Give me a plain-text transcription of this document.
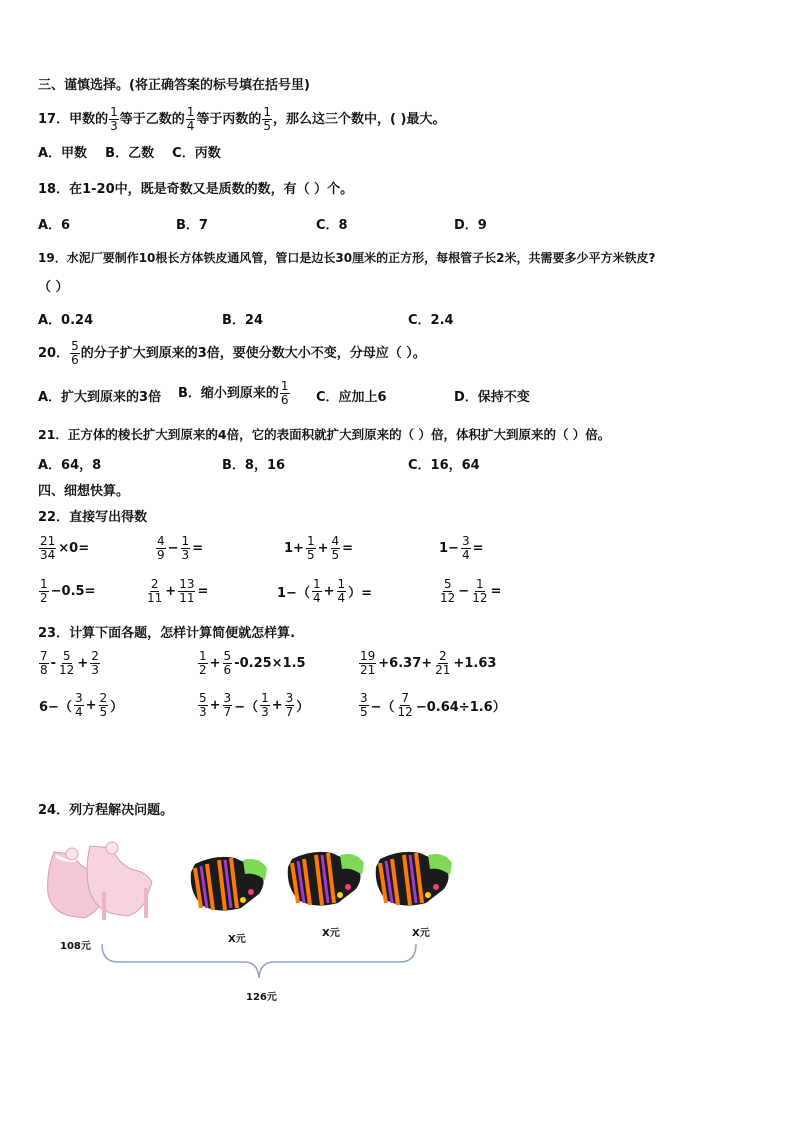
三、谨慎选择。(将正确答案的标号填在括号里)
17．甲数的 $\frac{1}{3}$ 等于乙数的 $\frac{1}{4}$ 等于丙数的 $\frac{1}{5}$ ，那么这三个数中，( )最大。
A．甲数    B．乙数    C．丙数
18．在1-20中，既是奇数又是质数的数，有（ ）个。
A．6	B．7	C．8	D．9
19．水泥厂要制作10根长方体铁皮通风管，管口是边长30厘米的正方形，每根管子长2米，共需要多少平方米铁皮?
（ ）
A．0.24	B．24	C．2.4
20． $\frac{5}{6}$ 的分子扩大到原来的3倍，要使分数大小不变，分母应（ ）。
A．扩大到原来的3倍 B．缩小到原来的 $\frac{1}{6}$ C．应加上6	D．保持不变
21．正方体的棱长扩大到原来的4倍，它的表面积就扩大到原来的（ ）倍，体积扩大到原来的（ ）倍。
A．64，8	B．8，16	C．16，64
四、细想快算。
22．直接写出得数
$\frac{21}{34} \times 0=$	$\frac{4}{9} - \frac{1}{3}$ =	$1+ \frac{1}{5} + \frac{4}{5}$ =	$1- \frac{3}{4}$ =
$\frac{1}{2} -0.5=$	$\frac{2}{11} + \frac{13}{11}$ =	$1-( \frac{1}{4} + \frac{1}{4}$ ）=	$\frac{5}{12} - \frac{1}{12}$ =
23．计算下面各题，怎样计算简便就怎样算.
$\frac{7}{8} - \frac{5}{12} + \frac{2}{3}$	$\frac{1}{2} + \frac{5}{6} -0.25\times 1.5$	$\frac{19}{21} +6.37+ \frac{2}{21} +1.63$
$6-( \frac{3}{4} + \frac{2}{5}$ ）	$\frac{5}{3} + \frac{3}{7}$ −（ $\frac{1}{3} + \frac{3}{7}$ ）	$\frac{3}{5}$ −（ $\frac{7}{12} -0.64\div 1.6$）
24．列方程解决问题。
108元
X元
X元	X元
126元
